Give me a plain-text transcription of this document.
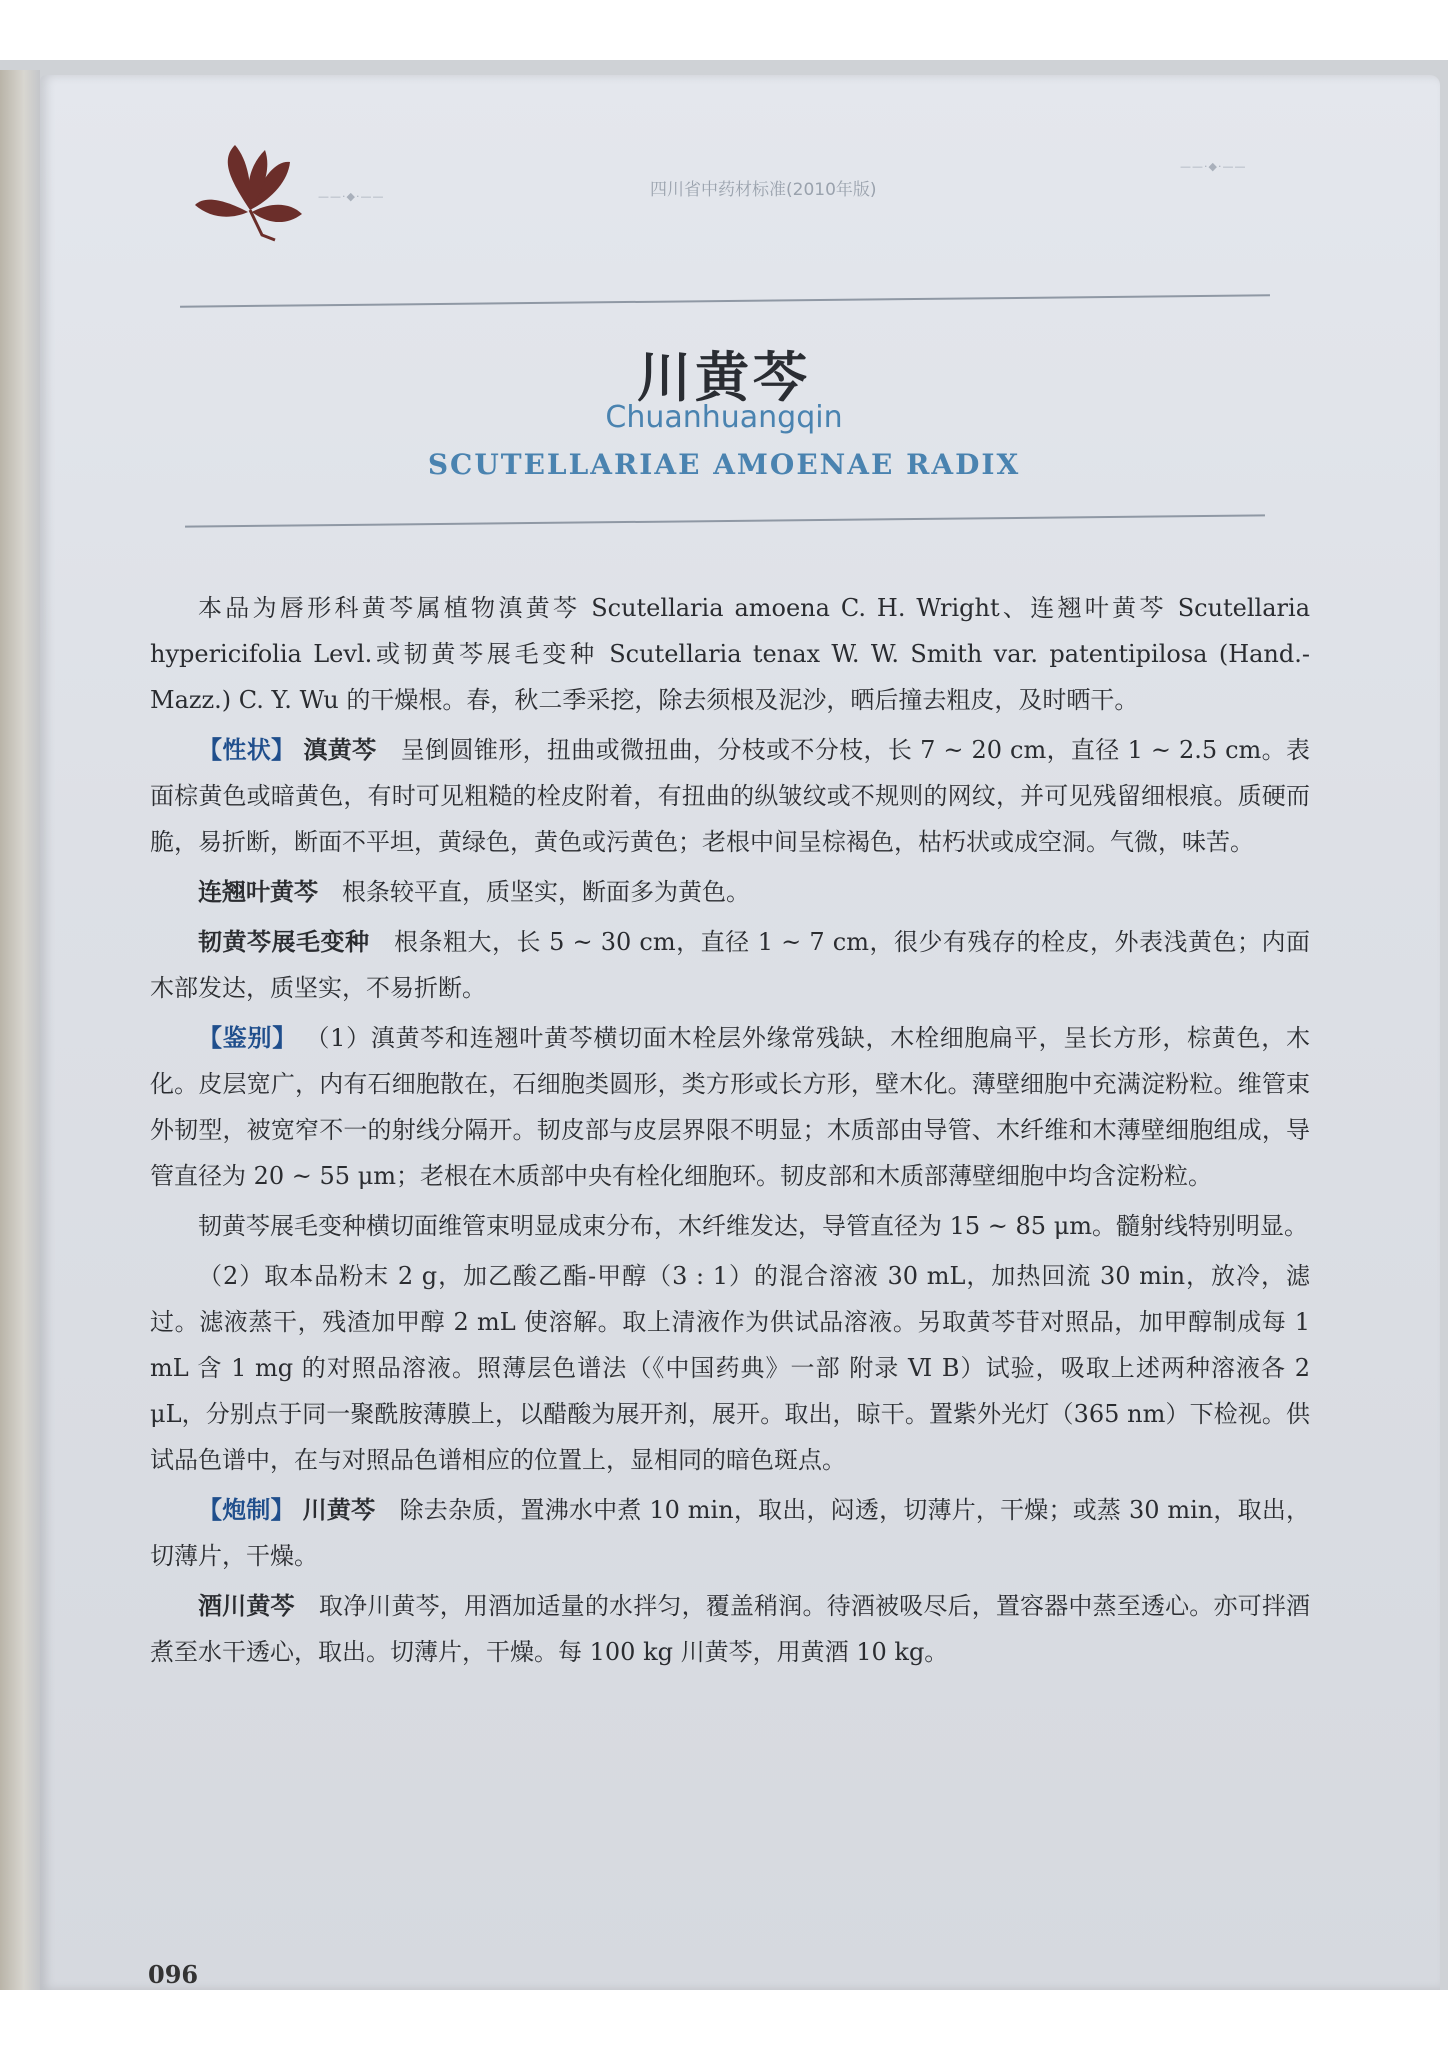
——·◆·——
——·◆·——
四川省中药材标准(2010年版)
川黄芩
Chuanhuangqin
SCUTELLARIAE AMOENAE RADIX

本品为唇形科黄芩属植物滇黄芩 Scutellaria amoena C. H. Wright、连翘叶黄芩 Scutellaria hypericifolia Levl.或韧黄芩展毛变种 Scutellaria tenax W. W. Smith var. patentipilosa (Hand.-Mazz.) C. Y. Wu 的干燥根。春，秋二季采挖，除去须根及泥沙，晒后撞去粗皮，及时晒干。

【性状】 滇黄芩　 呈倒圆锥形，扭曲或微扭曲，分枝或不分枝，长 7 ~ 20 cm，直径 1 ~ 2.5 cm。表面棕黄色或暗黄色，有时可见粗糙的栓皮附着，有扭曲的纵皱纹或不规则的网纹，并可见残留细根痕。质硬而脆，易折断，断面不平坦，黄绿色，黄色或污黄色；老根中间呈棕褐色，枯朽状或成空洞。气微，味苦。

连翘叶黄芩　 根条较平直，质坚实，断面多为黄色。

韧黄芩展毛变种　 根条粗大，长 5 ~ 30 cm，直径 1 ~ 7 cm，很少有残存的栓皮，外表浅黄色；内面木部发达，质坚实，不易折断。

【鉴别】 （1）滇黄芩和连翘叶黄芩横切面木栓层外缘常残缺，木栓细胞扁平，呈长方形，棕黄色，木化。皮层宽广，内有石细胞散在，石细胞类圆形，类方形或长方形，壁木化。薄壁细胞中充满淀粉粒。维管束外韧型，被宽窄不一的射线分隔开。韧皮部与皮层界限不明显；木质部由导管、木纤维和木薄壁细胞组成，导管直径为 20 ~ 55 μm；老根在木质部中央有栓化细胞环。韧皮部和木质部薄壁细胞中均含淀粉粒。

韧黄芩展毛变种横切面维管束明显成束分布，木纤维发达，导管直径为 15 ~ 85 μm。髓射线特别明显。

（2）取本品粉末 2 g，加乙酸乙酯-甲醇（3 : 1）的混合溶液 30 mL，加热回流 30 min，放冷，滤过。滤液蒸干，残渣加甲醇 2 mL 使溶解。取上清液作为供试品溶液。另取黄芩苷对照品，加甲醇制成每 1 mL 含 1 mg 的对照品溶液。照薄层色谱法（《中国药典》一部 附录 Ⅵ B）试验，吸取上述两种溶液各 2 μL，分别点于同一聚酰胺薄膜上，以醋酸为展开剂，展开。取出，晾干。置紫外光灯（365 nm）下检视。供试品色谱中，在与对照品色谱相应的位置上，显相同的暗色斑点。

【炮制】 川黄芩　 除去杂质，置沸水中煮 10 min，取出，闷透，切薄片，干燥；或蒸 30 min，取出，切薄片，干燥。

酒川黄芩　 取净川黄芩，用酒加适量的水拌匀，覆盖稍润。待酒被吸尽后，置容器中蒸至透心。亦可拌酒煮至水干透心，取出。切薄片，干燥。每 100 kg 川黄芩，用黄酒 10 kg。

096
